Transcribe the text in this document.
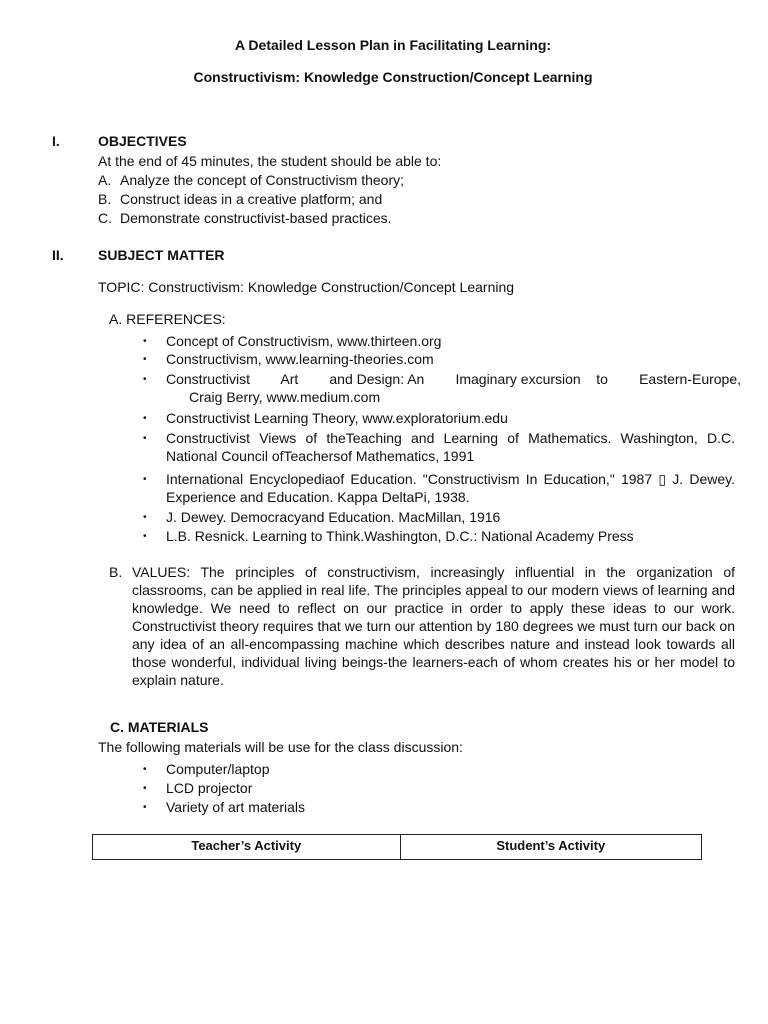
A Detailed Lesson Plan in Facilitating Learning:
Constructivism: Knowledge Construction/Concept Learning
I.	OBJECTIVES
At the end of 45 minutes, the student should be able to:
A. Analyze the concept of Constructivism theory;
B. Construct ideas in a creative platform; and
C. Demonstrate constructivist-based practices.
II. SUBJECT MATTER
TOPIC: Constructivism: Knowledge Construction/Concept Learning
A. REFERENCES:
• Concept of Constructivism, www.thirteen.org
• Constructivism, www.learning-theories.com
• Constructivist        Art        and Design: An        Imaginary excursion    to        Eastern-Europe,
Craig Berry, www.medium.com
• Constructivist Learning Theory, www.exploratorium.edu
• Constructivist Views of theTeaching and Learning of Mathematics. Washington, D.C. National Council ofTeachersof Mathematics, 1991
• International Encyclopediaof Education. "Constructivism In Education," 1987 ▯ J. Dewey. Experience and Education. Kappa DeltaPi, 1938.
• J. Dewey. Democracyand Education. MacMillan, 1916
• L.B. Resnick. Learning to Think.Washington, D.C.: National Academy Press
B. VALUES: The principles of constructivism, increasingly influential in the organization of classrooms, can be applied in real life. The principles appeal to our modern views of learning and knowledge. We need to reflect on our practice in order to apply these ideas to our work. Constructivist theory requires that we turn our attention by 180 degrees we must turn our back on any idea of an all-encompassing machine which describes nature and instead look towards all those wonderful, individual living beings-the learners-each of whom creates his or her model to explain nature.
C. MATERIALS
The following materials will be use for the class discussion:
• Computer/laptop
• LCD projector
• Variety of art materials
Teacher’s Activity	Student’s Activity
